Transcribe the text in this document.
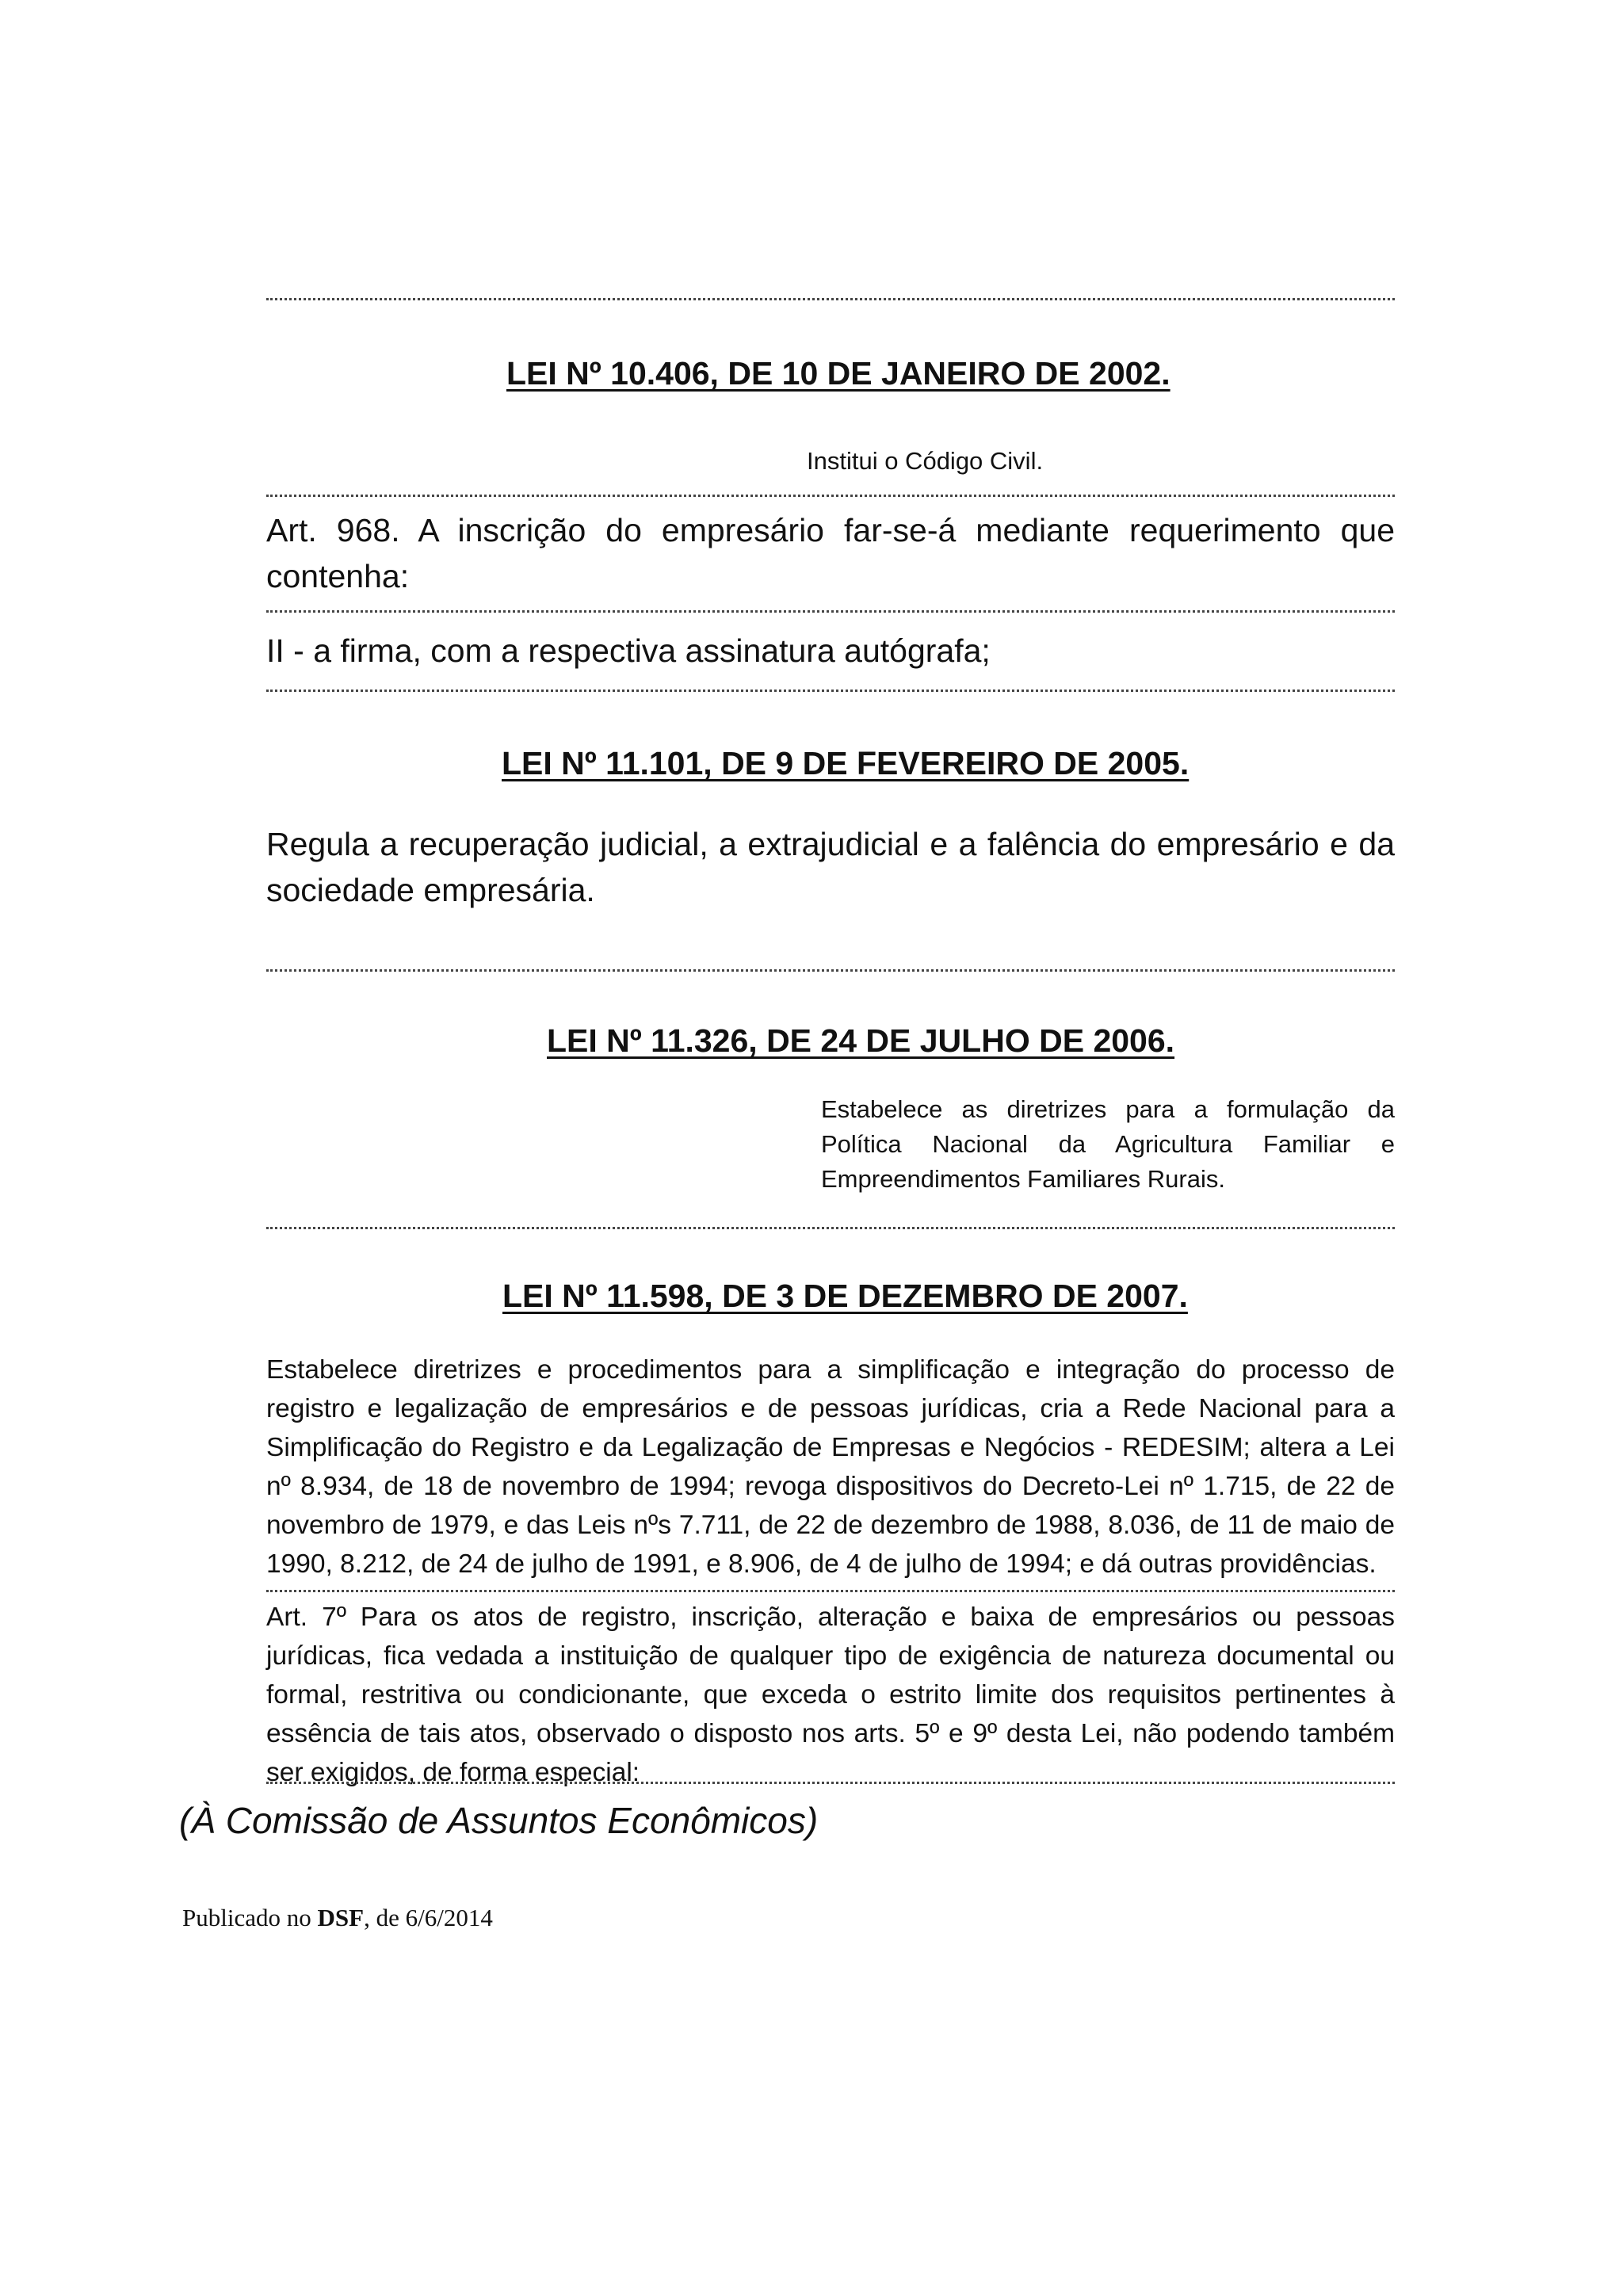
LEI Nº 10.406, DE 10 DE JANEIRO DE 2002.
Institui o Código Civil.
Art. 968. A inscrição do empresário far-se-á mediante requerimento que contenha:
II - a firma, com a respectiva assinatura autógrafa;
LEI Nº 11.101, DE 9 DE FEVEREIRO DE 2005.
Regula a recuperação judicial, a extrajudicial e a falência do empresário e da sociedade empresária.
LEI Nº 11.326, DE 24 DE JULHO DE 2006.
Estabelece as diretrizes para a formulação da Política Nacional da Agricultura Familiar e Empreendimentos Familiares Rurais.
LEI Nº 11.598, DE 3 DE DEZEMBRO DE 2007.
Estabelece diretrizes e procedimentos para a simplificação e integração do processo de registro e legalização de empresários e de pessoas jurídicas, cria a Rede Nacional para a Simplificação do Registro e da Legalização de Empresas e Negócios - REDESIM; altera a Lei nº 8.934, de 18 de novembro de 1994; revoga dispositivos do Decreto-Lei nº 1.715, de 22 de novembro de 1979, e das Leis nºs 7.711, de 22 de dezembro de 1988, 8.036, de 11 de maio de 1990, 8.212, de 24 de julho de 1991, e 8.906, de 4 de julho de 1994; e dá outras providências.
Art. 7º Para os atos de registro, inscrição, alteração e baixa de empresários ou pessoas jurídicas, fica vedada a instituição de qualquer tipo de exigência de natureza documental ou formal, restritiva ou condicionante, que exceda o estrito limite dos requisitos pertinentes à essência de tais atos, observado o disposto nos arts. 5º e 9º desta Lei, não podendo também ser exigidos, de forma especial:
(À Comissão de Assuntos Econômicos)
Publicado no DSF, de 6/6/2014
